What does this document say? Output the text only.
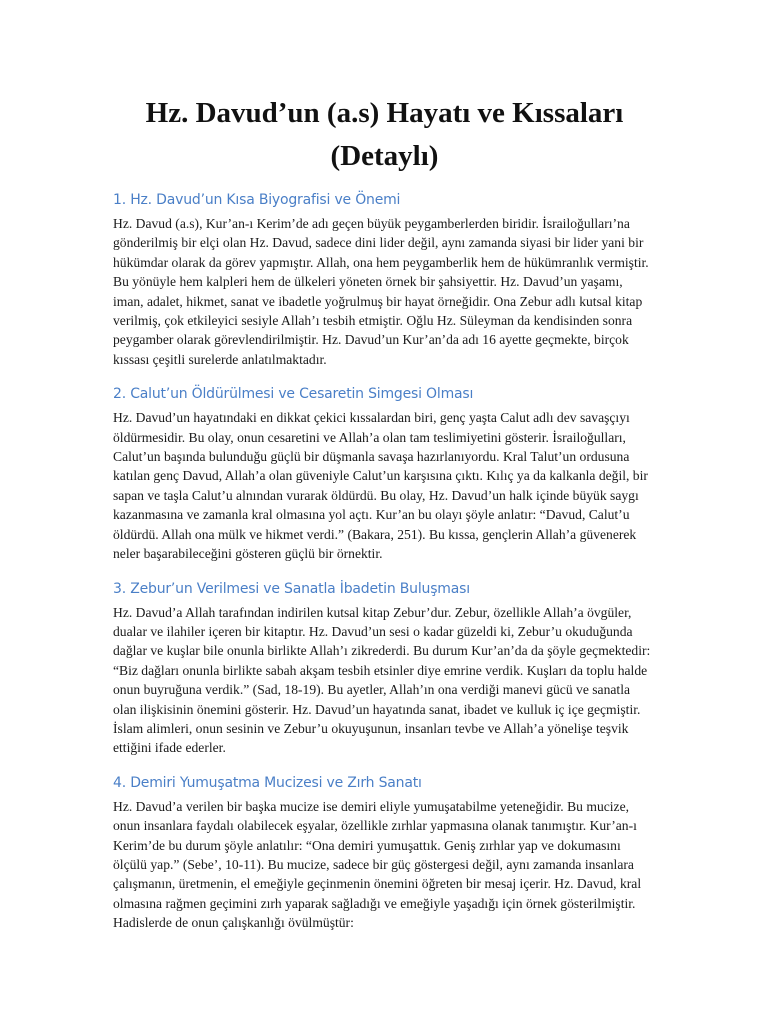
Hz. Davud’un (a.s) Hayatı ve Kıssaları (Detaylı)
1. Hz. Davud’un Kısa Biyografisi ve Önemi

Hz. Davud (a.s), Kur’an-ı Kerim’de adı geçen büyük peygamberlerden biridir. İsrailoğulları’na gönderilmiş bir elçi olan Hz. Davud, sadece dini lider değil, aynı zamanda siyasi bir lider yani bir hükümdar olarak da görev yapmıştır. Allah, ona hem peygamberlik hem de hükümranlık vermiştir. Bu yönüyle hem kalpleri hem de ülkeleri yöneten örnek bir şahsiyettir. Hz. Davud’un yaşamı, iman, adalet, hikmet, sanat ve ibadetle yoğrulmuş bir hayat örneğidir. Ona Zebur adlı kutsal kitap verilmiş, çok etkileyici sesiyle Allah’ı tesbih etmiştir. Oğlu Hz. Süleyman da kendisinden sonra peygamber olarak görevlendirilmiştir. Hz. Davud’un Kur’an’da adı 16 ayette geçmekte, birçok kıssası çeşitli surelerde anlatılmaktadır.

2. Calut’un Öldürülmesi ve Cesaretin Simgesi Olması

Hz. Davud’un hayatındaki en dikkat çekici kıssalardan biri, genç yaşta Calut adlı dev savaşçıyı öldürmesidir. Bu olay, onun cesaretini ve Allah’a olan tam teslimiyetini gösterir. İsrailoğulları, Calut’un başında bulunduğu güçlü bir düşmanla savaşa hazırlanıyordu. Kral Talut’un ordusuna katılan genç Davud, Allah’a olan güveniyle Calut’un karşısına çıktı. Kılıç ya da kalkanla değil, bir sapan ve taşla Calut’u alnından vurarak öldürdü. Bu olay, Hz. Davud’un halk içinde büyük saygı kazanmasına ve zamanla kral olmasına yol açtı. Kur’an bu olayı şöyle anlatır: “Davud, Calut’u öldürdü. Allah ona mülk ve hikmet verdi.” (Bakara, 251). Bu kıssa, gençlerin Allah’a güvenerek neler başarabileceğini gösteren güçlü bir örnektir.

3. Zebur’un Verilmesi ve Sanatla İbadetin Buluşması

Hz. Davud’a Allah tarafından indirilen kutsal kitap Zebur’dur. Zebur, özellikle Allah’a övgüler, dualar ve ilahiler içeren bir kitaptır. Hz. Davud’un sesi o kadar güzeldi ki, Zebur’u okuduğunda dağlar ve kuşlar bile onunla birlikte Allah’ı zikrederdi. Bu durum Kur’an’da da şöyle geçmektedir: “Biz dağları onunla birlikte sabah akşam tesbih etsinler diye emrine verdik. Kuşları da toplu halde onun buyruğuna verdik.” (Sad, 18-19). Bu ayetler, Allah’ın ona verdiği manevi gücü ve sanatla olan ilişkisinin önemini gösterir. Hz. Davud’un hayatında sanat, ibadet ve kulluk iç içe geçmiştir. İslam alimleri, onun sesinin ve Zebur’u okuyuşunun, insanları tevbe ve Allah’a yönelişe teşvik ettiğini ifade ederler.

4. Demiri Yumuşatma Mucizesi ve Zırh Sanatı

Hz. Davud’a verilen bir başka mucize ise demiri eliyle yumuşatabilme yeteneğidir. Bu mucize, onun insanlara faydalı olabilecek eşyalar, özellikle zırhlar yapmasına olanak tanımıştır. Kur’an-ı Kerim’de bu durum şöyle anlatılır: “Ona demiri yumuşattık. Geniş zırhlar yap ve dokumasını ölçülü yap.” (Sebe’, 10-11). Bu mucize, sadece bir güç göstergesi değil, aynı zamanda insanlara çalışmanın, üretmenin, el emeğiyle geçinmenin önemini öğreten bir mesaj içerir. Hz. Davud, kral olmasına rağmen geçimini zırh yaparak sağladığı ve emeğiyle yaşadığı için örnek gösterilmiştir. Hadislerde de onun çalışkanlığı övülmüştür:
